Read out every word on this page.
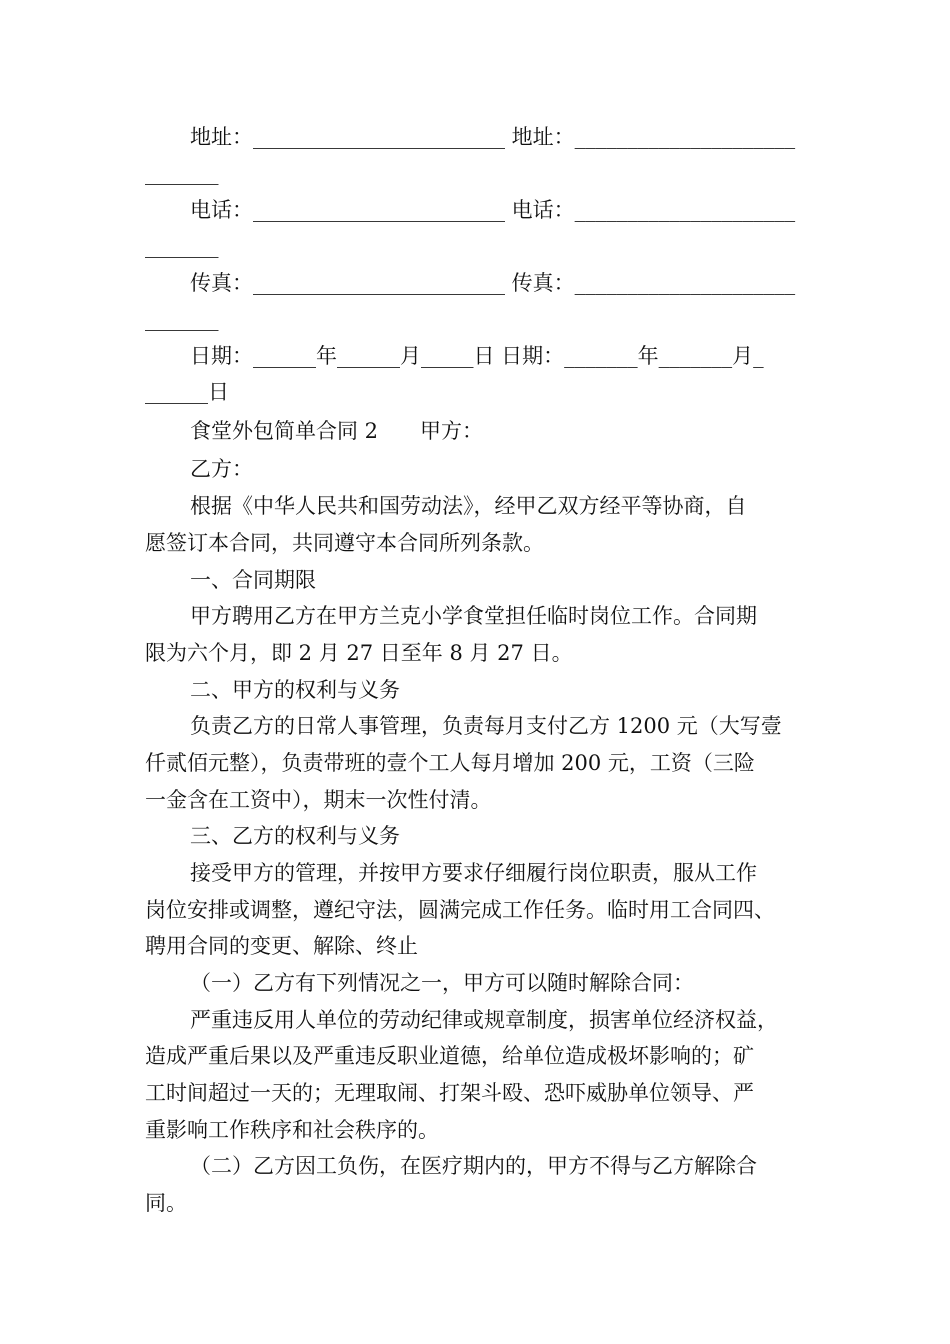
地址：________________________ 地址：_____________________
_______
电话：________________________ 电话：_____________________
_______
传真：________________________ 传真：_____________________
_______
日期：______年______月_____日 日期：_______年_______月_
______日
食堂外包简单合同 2　　甲方：
乙方：
根据《中华人民共和国劳动法》，经甲乙双方经平等协商，自
愿签订本合同，共同遵守本合同所列条款。
一、合同期限
甲方聘用乙方在甲方兰克小学食堂担任临时岗位工作。合同期
限为六个月，即 2 月 27 日至年 8 月 27 日。
二、甲方的权利与义务
负责乙方的日常人事管理，负责每月支付乙方 1200 元（大写壹
仟贰佰元整），负责带班的壹个工人每月增加 200 元，工资（三险
一金含在工资中），期末一次性付清。
三、乙方的权利与义务
接受甲方的管理，并按甲方要求仔细履行岗位职责，服从工作
岗位安排或调整，遵纪守法，圆满完成工作任务。临时用工合同四、
聘用合同的变更、解除、终止
（一）乙方有下列情况之一，甲方可以随时解除合同：
严重违反用人单位的劳动纪律或规章制度，损害单位经济权益，
造成严重后果以及严重违反职业道德，给单位造成极坏影响的；矿
工时间超过一天的；无理取闹、打架斗殴、恐吓威胁单位领导、严
重影响工作秩序和社会秩序的。
（二）乙方因工负伤，在医疗期内的，甲方不得与乙方解除合
同。
